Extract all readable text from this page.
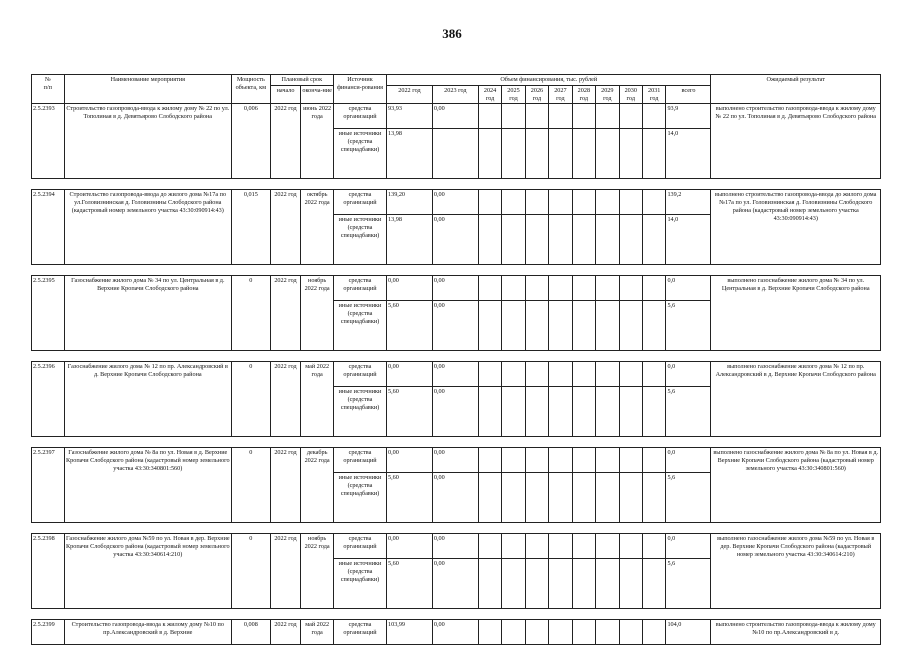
386
№
п/п	Наименование мероприятия	Мощность объекта, км	Плановый срок		Источник финанси-рования	Объем финансирования, тыс. рублей											Ожидаемый результат
			начало	оконча-ние		2022 год	2023 год	2024 год	2025 год	2026 год	2027 год	2028 год	2029 год	2030 год	2031 год	всего	
2.5.2393	Строительство газопровода-ввода к жилому дому № 22 по ул. Тополиная в д. Девятьярово Слободского района	0,006	2022 год	июнь 2022 года	средства организаций	93,93	0,00									93,9	выполнено строительство газопровода-ввода к жилому дому № 22 по ул. Тополиная в д. Девятьярово Слободского района
					иные источники (средства спецнадбавки)	13,98										14,0	

2.5.2394	Строительство газопровода-ввода до жилого дома №17а по ул.Головизнинская д. Головизнины Слободского района (кадастровый номер земельного участка 43:30:090914:43)	0,015	2022 год	октябрь 2022 года	средства организаций	139,20	0,00									139,2	выполнено строительство газопровода-ввода до жилого дома №17а по ул. Головизнинская д. Головизнины Слободского района (кадастровый номер земельного участка 43:30:090914:43)
					иные источники (средства спецнадбавки)	13,98	0,00									14,0	

2.5.2395	Газоснабжение жилого дома № 34 по ул. Центральная в д. Верхние Кропачи Слободского района	0	2022 год	ноябрь 2022 года	средства организаций	0,00	0,00									0,0	выполнено газоснабжение жилого дома № 34 по ул. Центральная в д. Верхние Кропачи Слободского района
					иные источники (средства спецнадбавки)	5,60	0,00									5,6	

2.5.2396	Газоснабжение жилого дома № 12 по пр. Александровский в д. Верхние Кропачи Слободского района	0	2022 год	май 2022 года	средства организаций	0,00	0,00									0,0	выполнено газоснабжение жилого дома № 12 по пр. Александровский в д. Верхние Кропачи Слободского района
					иные источники (средства спецнадбавки)	5,60	0,00									5,6	

2.5.2397	Газоснабжение жилого дома № 8а по ул. Новая в д. Верхние Кропачи Слободского района (кадастровый номер земельного участка 43:30:340801:560)	0	2022 год	декабрь 2022 года	средства организаций	0,00	0,00									0,0	выполнено газоснабжение жилого дома № 8а по ул. Новая в д. Верхние Кропачи Слободского района (кадастровый номер земельного участка 43:30:340801:560)
					иные источники (средства спецнадбавки)	5,60	0,00									5,6	

2.5.2398	Газоснабжение жилого дома №59 по ул. Новая в дер. Верхние Кропачи Слободского района (кадастровый номер земельного участка 43:30:340614:210)	0	2022 год	ноябрь 2022 года	средства организаций	0,00	0,00									0,0	выполнено газоснабжение жилого дома №59 по ул. Новая в дер. Верхние Кропачи Слободского района (кадастровый номер земельного участка 43:30:340614:210)
					иные источники (средства спецнадбавки)	5,60	0,00									5,6	

2.5.2399	Строительство газопровода-ввода к жилому дому №10 по пр.Александровский в д. Верхние	0,008	2022 год	май 2022 года	средства организаций	103,99	0,00									104,0	выполнено строительство газопровода-ввода к жилому дому №10 по пр.Александровский в д.
